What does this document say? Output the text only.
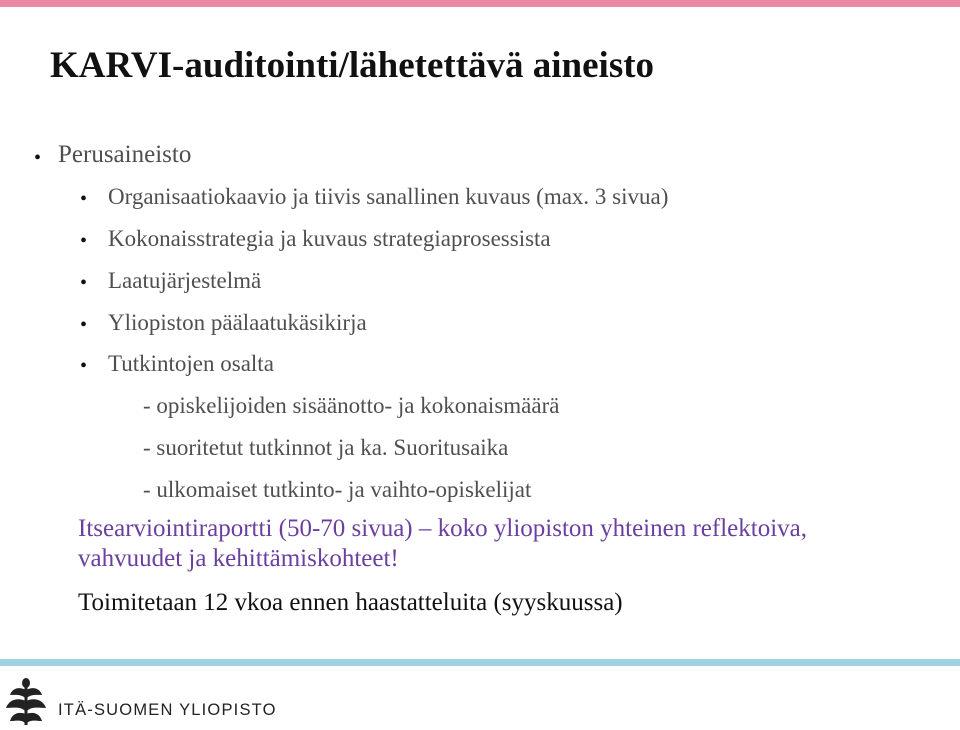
KARVI-auditointi/lähetettävä aineisto
• Perusaineisto
• Organisaatiokaavio ja tiivis sanallinen kuvaus (max. 3 sivua)
• Kokonaisstrategia ja kuvaus strategiaprosessista
• Laatujärjestelmä
• Yliopiston päälaatukäsikirja
• Tutkintojen osalta
- opiskelijoiden sisäänotto- ja kokonaismäärä
- suoritetut tutkinnot ja ka. Suoritusaika
- ulkomaiset tutkinto- ja vaihto-opiskelijat
Itsearviointiraportti (50-70 sivua) – koko yliopiston yhteinen reflektoiva,
vahvuudet ja kehittämiskohteet!
Toimitetaan 12 vkoa ennen haastatteluita (syyskuussa)
ITÄ-SUOMEN YLIOPISTO
